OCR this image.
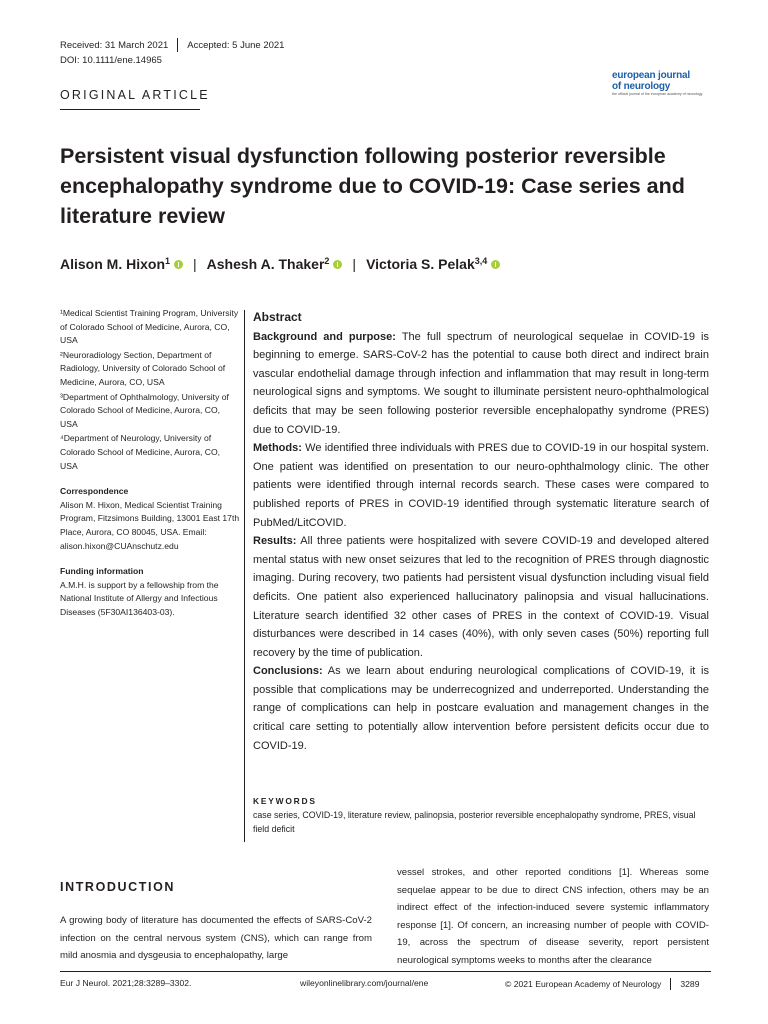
Received: 31 March 2021 Accepted: 5 June 2021
DOI: 10.1111/ene.14965
ORIGINAL ARTICLE
european journal
of neurology
the official journal of the european academy of neurology
Persistent visual dysfunction following posterior reversible encephalopathy syndrome due to COVID-19: Case series and literature review
Alison M. Hixon$^1$ | Ashesh A. Thaker$^2$ | Victoria S. Pelak$^{3,4}$
¹Medical Scientist Training Program, University of Colorado School of Medicine, Aurora, CO, USA
²Neuroradiology Section, Department of Radiology, University of Colorado School of Medicine, Aurora, CO, USA
³Department of Ophthalmology, University of Colorado School of Medicine, Aurora, CO, USA
⁴Department of Neurology, University of Colorado School of Medicine, Aurora, CO, USA
Correspondence
Alison M. Hixon, Medical Scientist Training Program, Fitzsimons Building, 13001 East 17th Place, Aurora, CO 80045, USA. Email: alison.hixon@CUAnschutz.edu
Funding information
A.M.H. is support by a fellowship from the National Institute of Allergy and Infectious Diseases (5F30AI136403-03).
Abstract

Background and purpose: The full spectrum of neurological sequelae in COVID-19 is beginning to emerge. SARS-CoV-2 has the potential to cause both direct and indirect brain vascular endothelial damage through infection and inflammation that may result in long-term neurological signs and symptoms. We sought to illuminate persistent neuro-ophthalmological deficits that may be seen following posterior reversible encephalopathy syndrome (PRES) due to COVID-19.

Methods: We identified three individuals with PRES due to COVID-19 in our hospital system. One patient was identified on presentation to our neuro-ophthalmology clinic. The other patients were identified through internal records search. These cases were compared to published reports of PRES in COVID-19 identified through systematic literature search of PubMed/LitCOVID.

Results: All three patients were hospitalized with severe COVID-19 and developed altered mental status with new onset seizures that led to the recognition of PRES through diagnostic imaging. During recovery, two patients had persistent visual dysfunction including visual field deficits. One patient also experienced hallucinatory palinopsia and visual hallucinations. Literature search identified 32 other cases of PRES in the context of COVID-19. Visual disturbances were described in 14 cases (40%), with only seven cases (50%) reporting full recovery by the time of publication.

Conclusions: As we learn about enduring neurological complications of COVID-19, it is possible that complications may be underrecognized and underreported. Understanding the range of complications can help in postcare evaluation and management changes in the critical care setting to potentially allow intervention before persistent deficits occur due to COVID-19.

KEYWORDS
case series, COVID-19, literature review, palinopsia, posterior reversible encephalopathy syndrome, PRES, visual field deficit
INTRODUCTION
A growing body of literature has documented the effects of SARS-CoV-2 infection on the central nervous system (CNS), which can range from mild anosmia and dysgeusia to encephalopathy, large
vessel strokes, and other reported conditions [1]. Whereas some sequelae appear to be due to direct CNS infection, others may be an indirect effect of the infection-induced severe systemic inflammatory response [1]. Of concern, an increasing number of people with COVID-19, across the spectrum of disease severity, report persistent neurological symptoms weeks to months after the clearance
Eur J Neurol. 2021;28:3289–3302.	wileyonlinelibrary.com/journal/ene	© 2021 European Academy of Neurology 3289
